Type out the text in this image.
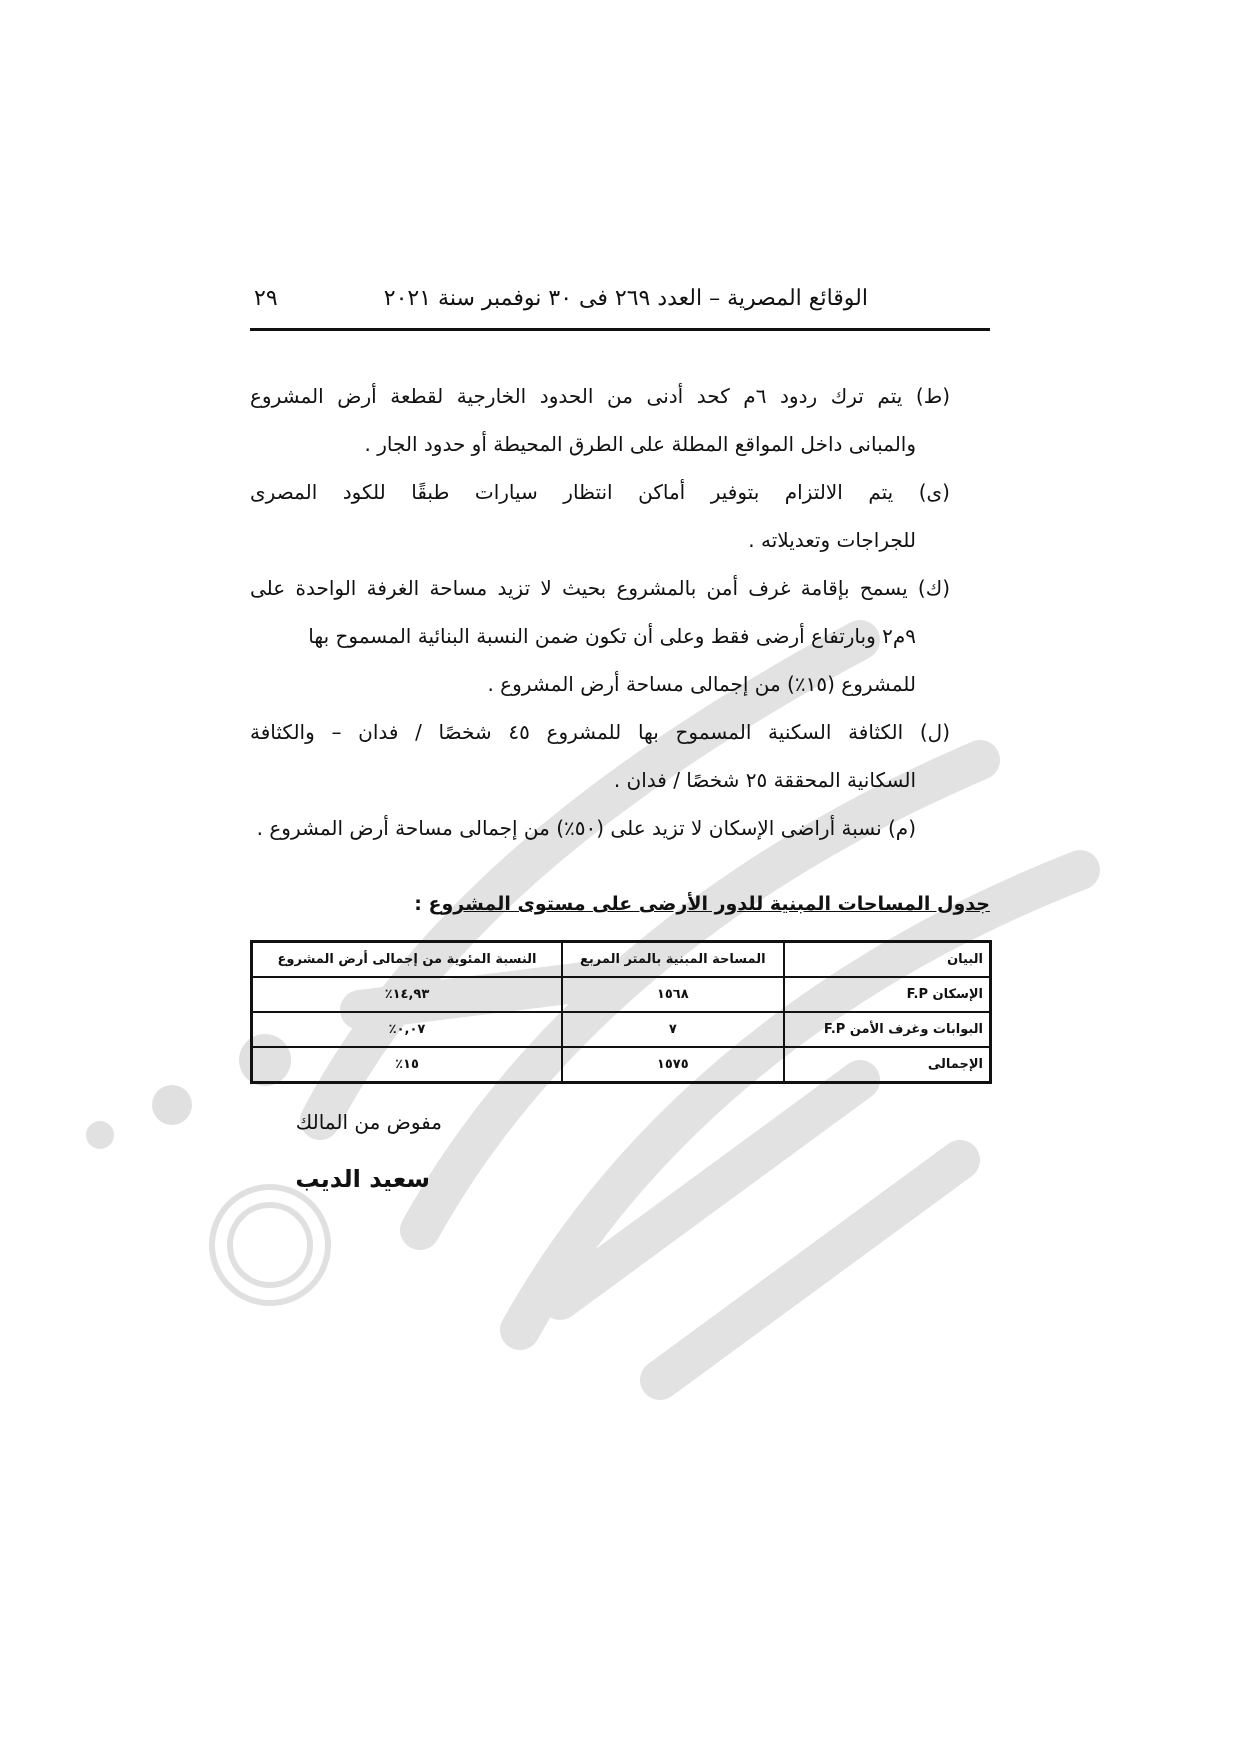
الوقائع المصرية – العدد ٢٦٩ فى ٣٠ نوفمبر سنة ٢٠٢١
٢٩
(ط) يتم ترك ردود ٦م كحد أدنى من الحدود الخارجية لقطعة أرض المشروع
والمبانى داخل المواقع المطلة على الطرق المحيطة أو حدود الجار .
(ى) يتم الالتزام بتوفير أماكن انتظار سيارات طبقًا للكود المصرى
للجراجات وتعديلاته .
(ك) يسمح بإقامة غرف أمن بالمشروع بحيث لا تزيد مساحة الغرفة الواحدة على
٩م٢ وبارتفاع أرضى فقط وعلى أن تكون ضمن النسبة البنائية المسموح بها
للمشروع (١٥٪) من إجمالى مساحة أرض المشروع .
(ل) الكثافة السكنية المسموح بها للمشروع ٤٥ شخصًا / فدان – والكثافة
السكانية المحققة ٢٥ شخصًا / فدان .
(م) نسبة أراضى الإسكان لا تزيد على (٥٠٪) من إجمالى مساحة أرض المشروع .
جدول المساحات المبنية للدور الأرضى على مستوى المشروع :
البيان	المساحة المبنية بالمتر المربع	النسبة المئوية من إجمالى أرض المشروع
الإسكان F.P	١٥٦٨	١٤,٩٣٪
البوابات وغرف الأمن F.P	٧	٠,٠٧٪
الإجمالى	١٥٧٥	١٥٪
مفوض من المالك
سعيد الديب
